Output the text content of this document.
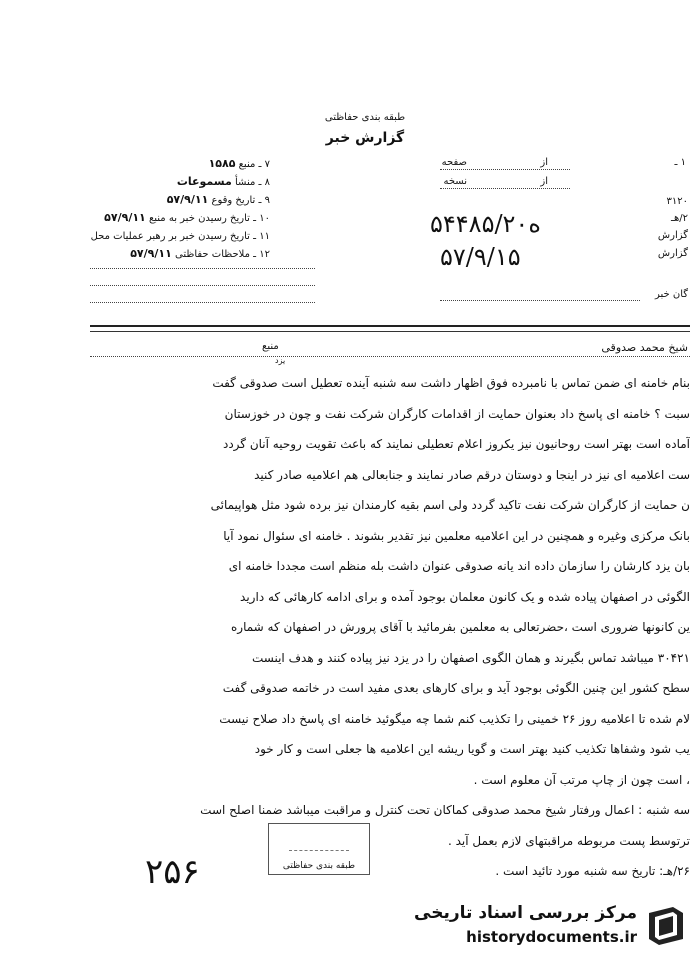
طبقه بندی حفاظتی
گزارش خبر
۱ ـ
از
صفحه
از
نسخه
۳۱۲۰
۲/هـ
گزارش
گزارش
گان خبر
۵۴۴۸۵/۲۰ه
۵۷/۹/۱۵
۷ ـ منبع ۱۵۸۵
۸ ـ منشأ مسموعات
۹ ـ تاریخ وقوع ۵۷/۹/۱۱
۱۰ ـ تاریخ رسیدن خبر به منبع ۵۷/۹/۱۱
۱۱ ـ تاریخ رسیدن خبر بر رهبر عملیات محل
۱۲ ـ ملاحظات حفاظتی ۵۷/۹/۱۱
شیخ محمد صدوقی
منبع
یزد
بنام خامنه ای ضمن تماس با نامبرده فوق اظهار داشت سه شنبه آینده تعطیل است صدوقی گفت
سبت ؟ خامنه ای پاسخ داد بعنوان حمایت از اقدامات کارگران شرکت نفت و چون در خوزستان
آماده است بهتر است روحانیون نیز یکروز اعلام تعطیلی نمایند که باعث تقویت روحیه آنان گردد
ست اعلامیه ای نیز در اینجا و دوستان درقم صادر نمایند و جنابعالی هم اعلامیه صادر کنید
ن حمایت از کارگران شرکت نفت تاکید گردد ولی اسم بقیه کارمندان نیز برده شود مثل هواپیمائی
بانک مرکزی وغیره و همچنین در این اعلامیه معلمین نیز تقدیر بشوند . خامنه ای سئوال نمود آیا
بان یزد کارشان را سازمان داده اند یانه صدوقی عنوان داشت بله منظم است مجددا خامنه ای
الگوئی در اصفهان پیاده شده و یک کانون معلمان بوجود آمده و برای ادامه کارهائی که دارید
ین کانونها ضروری است ،حضرتعالی به معلمین بفرمائید با آقای پرورش در اصفهان که شماره
۳۰۴۲۱ میباشد تماس بگیرند و همان الگوی اصفهان را در یزد نیز پیاده کنند و هدف اینست
سطح کشور این چنین الگوئی بوجود آید و برای کارهای بعدی مفید است در خاتمه صدوقی گفت
لام شده تا اعلامیه روز ۲۶ خمینی را تکذیب کنم شما چه میگوئید خامنه ای پاسخ داد صلاح نیست
یب شود وشفاها تکذیب کنید بهتر است و گویا ریشه این اعلامیه ها جعلی است و کار خود
، است چون از چاپ مرتب آن معلوم است .
سه شنبه : اعمال ورفتار شیخ محمد صدوقی کماکان تحت کنترل و مراقبت میباشد ضمنا اصلح است
ترتوسط پست مربوطه مراقبتهای لازم بعمل آید .
۲۶/هـ: تاریخ سه شنبه مورد تائید است .
طبقه بندی حفاظتی
۲۵۶
مرکز بررسی اسناد تاریخی
historydocuments.ir
